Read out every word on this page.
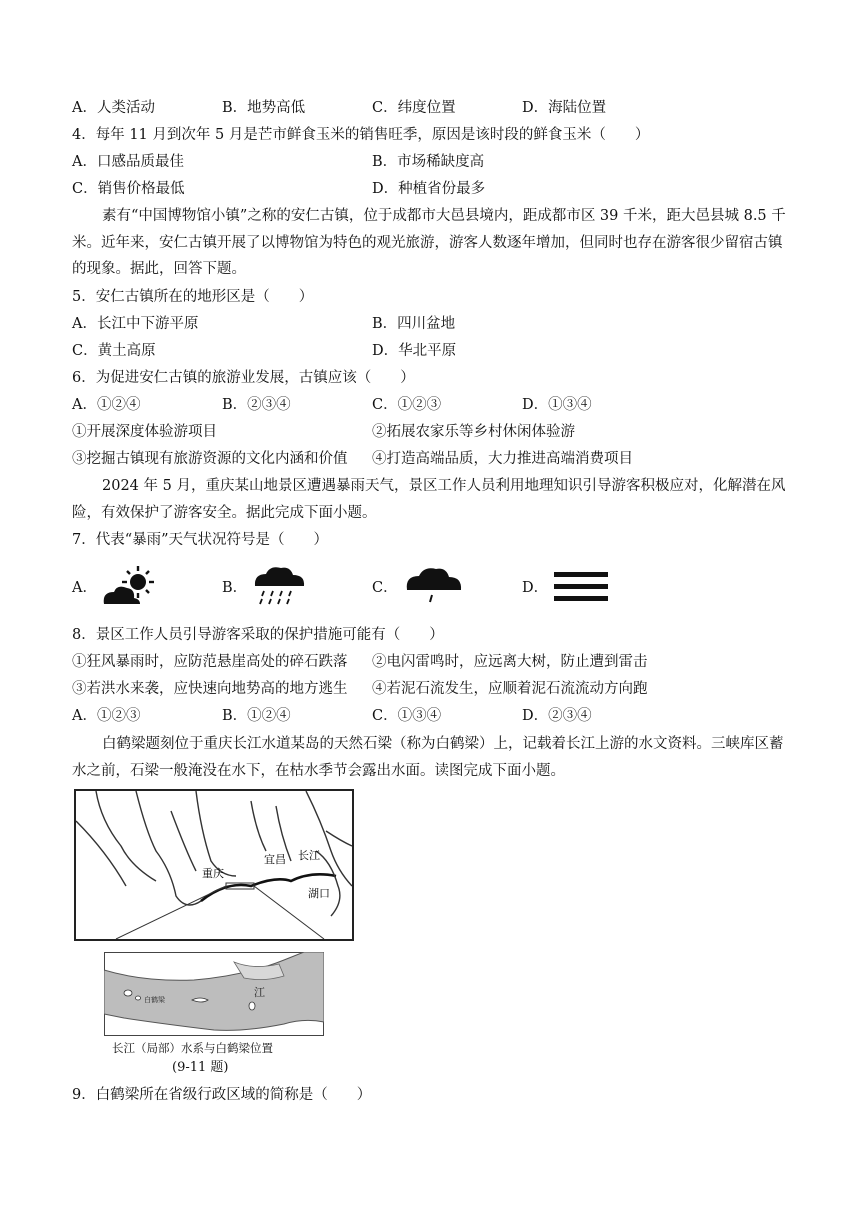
A．人类活动	B．地势高低	C．纬度位置	D．海陆位置
4．每年 11 月到次年 5 月是芒市鲜食玉米的销售旺季，原因是该时段的鲜食玉米（　　）
A．口感品质最佳	B．市场稀缺度高
C．销售价格最低	D．种植省份最多
素有“中国博物馆小镇”之称的安仁古镇，位于成都市大邑县境内，距成都市区 39 千米，距大邑县城 8.5 千米。近年来，安仁古镇开展了以博物馆为特色的观光旅游，游客人数逐年增加，但同时也存在游客很少留宿古镇的现象。据此，回答下题。
5．安仁古镇所在的地形区是（　　）
A．长江中下游平原	B．四川盆地
C．黄土高原	D．华北平原
6．为促进安仁古镇的旅游业发展，古镇应该（　　）
A．①②④	B．②③④	C．①②③	D．①③④
①开展深度体验游项目	②拓展农家乐等乡村休闲体验游
③挖掘古镇现有旅游资源的文化内涵和价值 ④打造高端品质，大力推进高端消费项目
2024 年 5 月，重庆某山地景区遭遇暴雨天气，景区工作人员利用地理知识引导游客积极应对，化解潜在风险，有效保护了游客安全。据此完成下面小题。
7．代表“暴雨”天气状况符号是（　　）
A．	B．	C．	D．
8．景区工作人员引导游客采取的保护措施可能有（　　）
①狂风暴雨时，应防范悬崖高处的碎石跌落 ②电闪雷鸣时，应远离大树，防止遭到雷击
③若洪水来袭，应快速向地势高的地方逃生 ④若泥石流发生，应顺着泥石流流动方向跑
A．①②③	B．①②④	C．①③④	D．②③④
白鹤梁题刻位于重庆长江水道某岛的天然石梁（称为白鹤梁）上，记载着长江上游的水文资料。三峡库区蓄水之前，石梁一般淹没在水下，在枯水季节会露出水面。读图完成下面小题。
重庆
宜昌 长江
湖口
江
白鹤梁
长江（局部）水系与白鹤梁位置
(9-11 题)
9．白鹤梁所在省级行政区域的简称是（　　）
